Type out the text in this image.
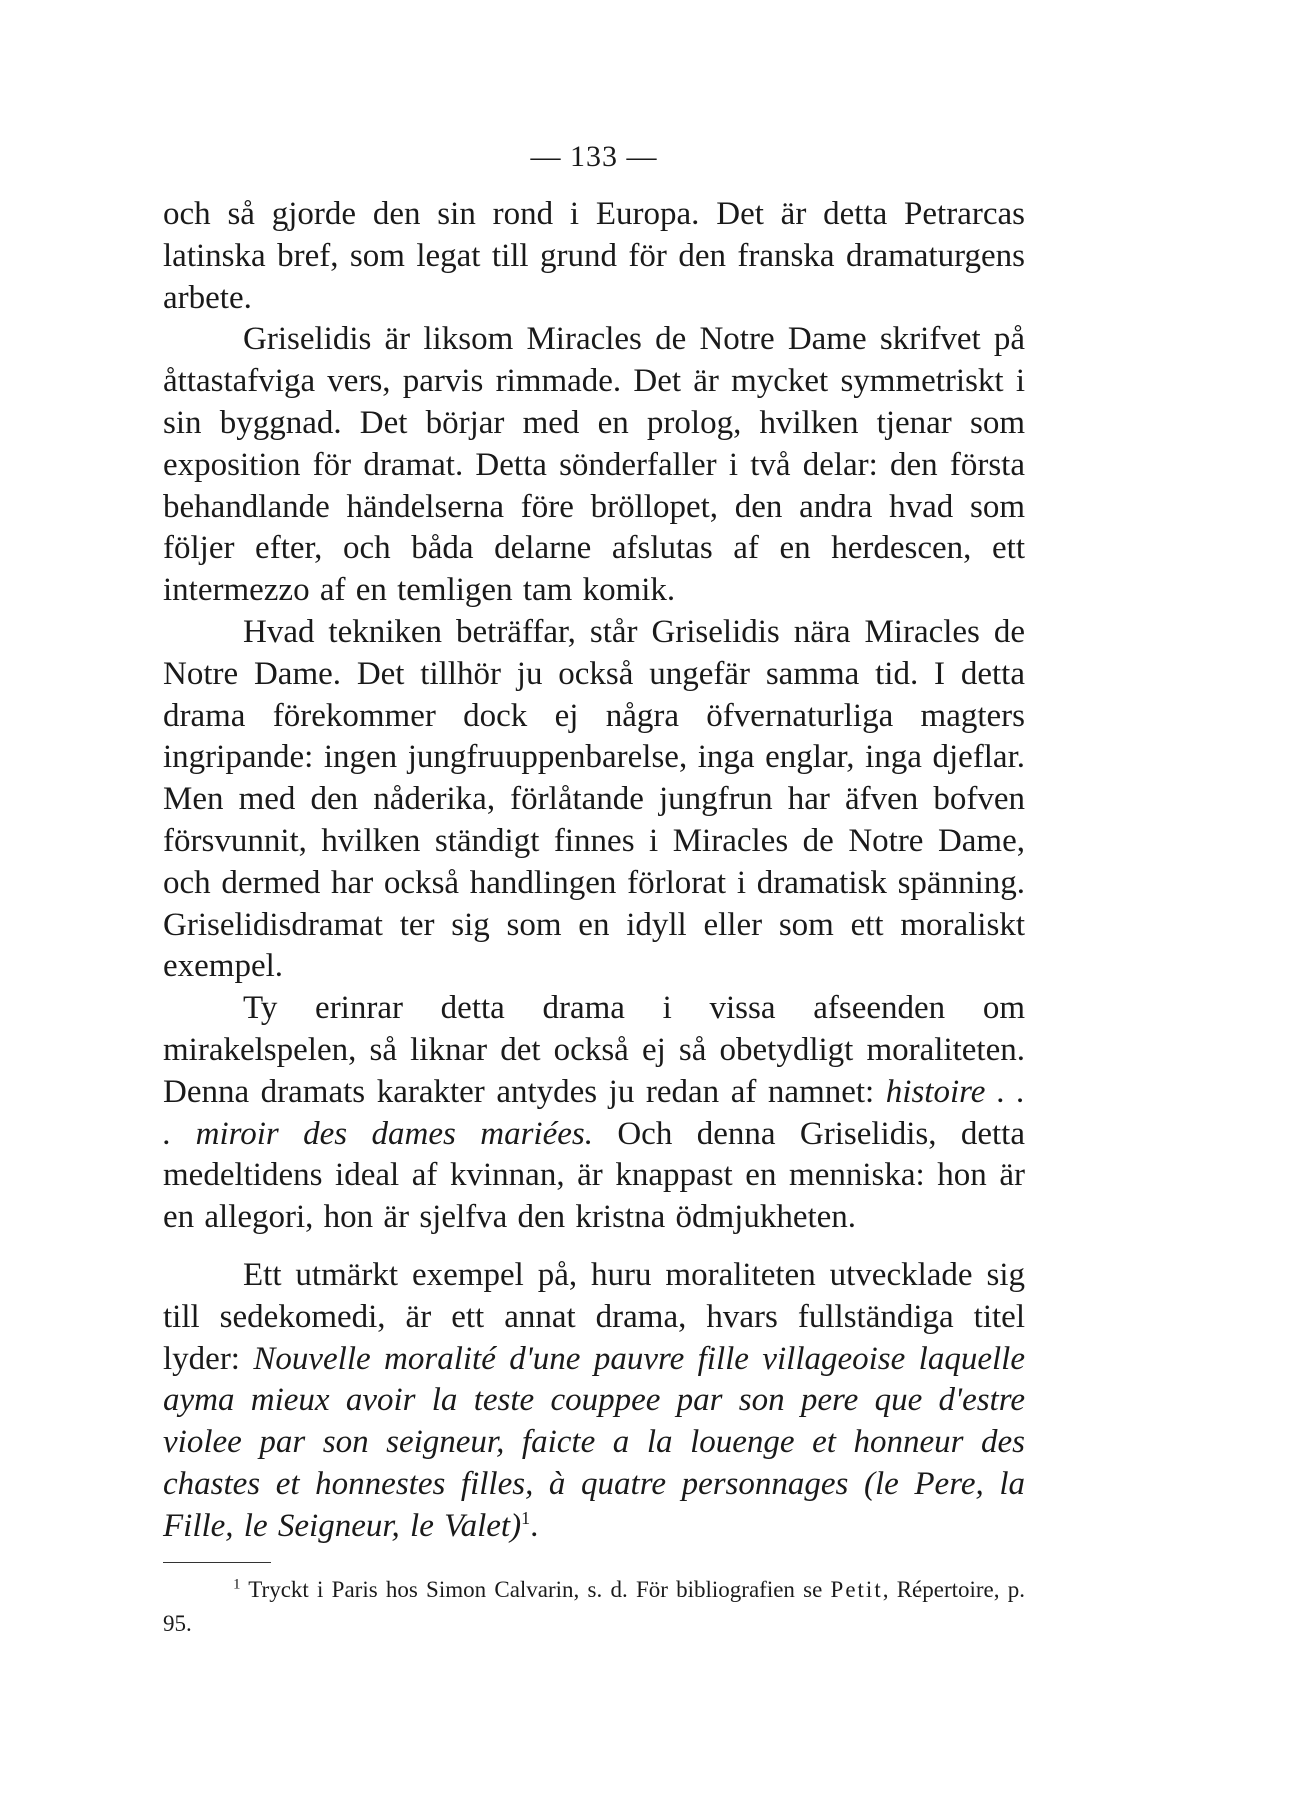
— 133 —

och så gjorde den sin rond i Europa. Det är detta Petrarcas latinska bref, som legat till grund för den franska dramaturgens arbete.

Griselidis är liksom Miracles de Notre Dame skrifvet på åttastafviga vers, parvis rimmade. Det är mycket symmetriskt i sin byggnad. Det börjar med en prolog, hvilken tjenar som exposition för dramat. Detta sönderfaller i två delar: den första behandlande händelserna före bröllopet, den andra hvad som följer efter, och båda delarne afslutas af en herdescen, ett intermezzo af en temligen tam komik.

Hvad tekniken beträffar, står Griselidis nära Miracles de Notre Dame. Det tillhör ju också ungefär samma tid. I detta drama förekommer dock ej några öfvernaturliga magters ingripande: ingen jungfruuppenbarelse, inga englar, inga djeflar. Men med den nåderika, förlåtande jungfrun har äfven bofven försvunnit, hvilken ständigt finnes i Miracles de Notre Dame, och dermed har också handlingen förlorat i dramatisk spänning. Griselidisdramat ter sig som en idyll eller som ett moraliskt exempel.

Ty erinrar detta drama i vissa afseenden om mirakelspelen, så liknar det också ej så obetydligt moraliteten. Denna dramats karakter antydes ju redan af namnet: histoire . . . miroir des dames mariées. Och denna Griselidis, detta medeltidens ideal af kvinnan, är knappast en menniska: hon är en allegori, hon är sjelfva den kristna ödmjukheten.

Ett utmärkt exempel på, huru moraliteten utvecklade sig till sedekomedi, är ett annat drama, hvars fullständiga titel lyder: Nouvelle moralité d'une pauvre fille villageoise laquelle ayma mieux avoir la teste couppee par son pere que d'estre violee par son seigneur, faicte a la louenge et honneur des chastes et honnestes filles, à quatre personnages (le Pere, la Fille, le Seigneur, le Valet)$^1$.

$^1$ Tryckt i Paris hos Simon Calvarin, s. d. För bibliografien se Petit, Répertoire, p. 95.
